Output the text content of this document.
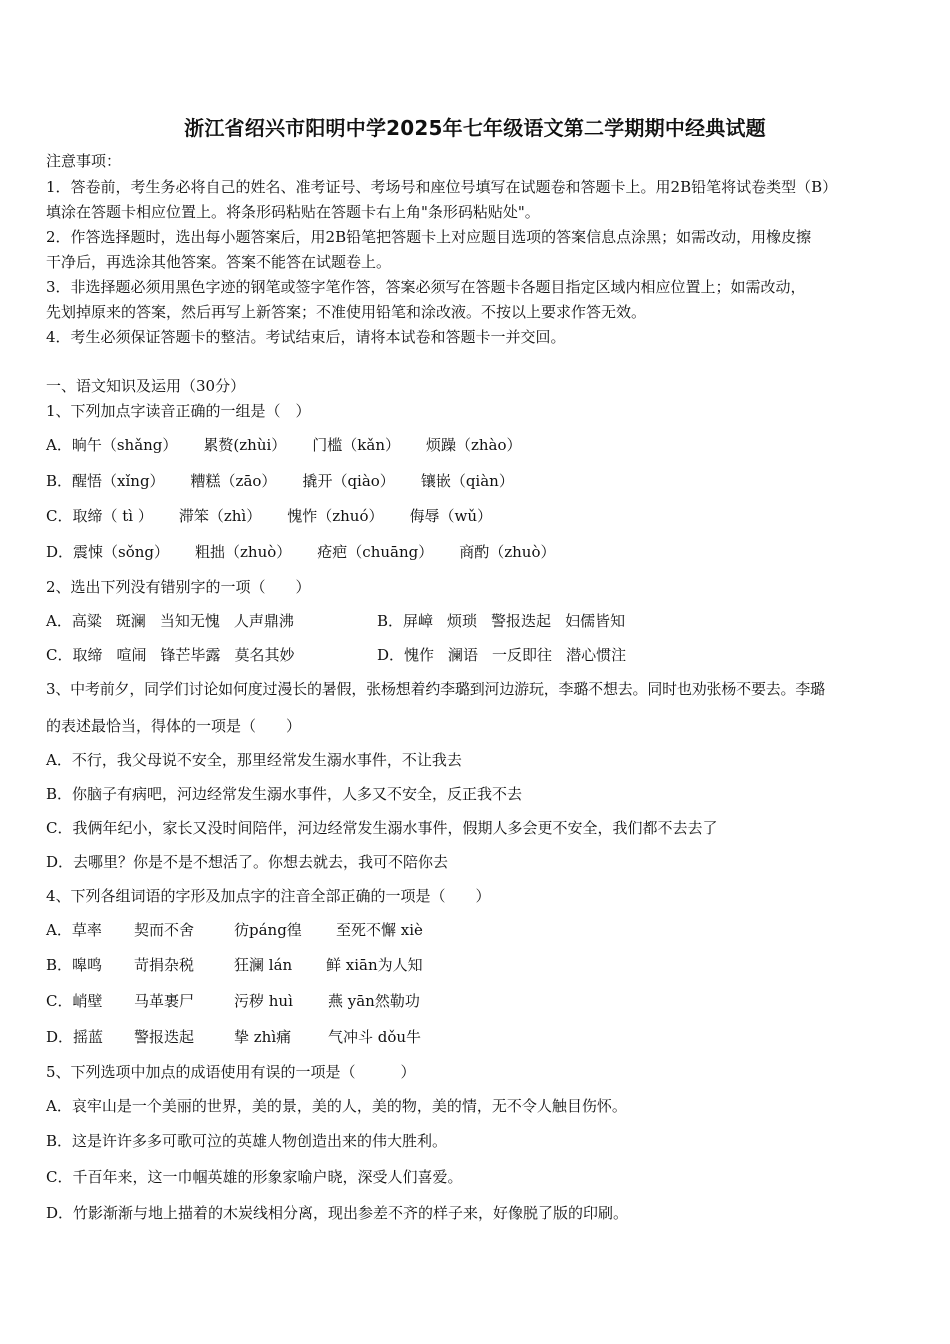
浙江省绍兴市阳明中学2025年七年级语文第二学期期中经典试题
注意事项：
1．答卷前，考生务必将自己的姓名、准考证号、考场号和座位号填写在试题卷和答题卡上。用2B铅笔将试卷类型（B）
填涂在答题卡相应位置上。将条形码粘贴在答题卡右上角"条形码粘贴处"。
2．作答选择题时，选出每小题答案后，用2B铅笔把答题卡上对应题目选项的答案信息点涂黑；如需改动，用橡皮擦
干净后，再选涂其他答案。答案不能答在试题卷上。
3．非选择题必须用黑色字迹的钢笔或签字笔作答，答案必须写在答题卡各题目指定区域内相应位置上；如需改动，
先划掉原来的答案，然后再写上新答案；不准使用铅笔和涂改液。不按以上要求作答无效。
4．考生必须保证答题卡的整洁。考试结束后，请将本试卷和答题卡一并交回。
一、语文知识及运用（30分）
1、下列加点字读音正确的一组是（　）
A．晌午（shǎng） 累赘(zhùi） 门槛（kǎn） 烦躁（zhào）
B．醒悟（xǐng） 糟糕（zāo） 撬开（qiào） 镶嵌（qiàn）
C．取缔（ tì ） 滞笨（zhì） 愧怍（zhuó） 侮辱（wǔ）
D．震悚（sǒng） 粗拙（zhuò） 疮疤（chuāng） 商酌（zhuò）
2、选出下列没有错别字的一项（　　）
A．高粱 斑澜 当知无愧 人声鼎沸	B．屏嶂 烦琐 警报迭起 妇儒皆知
C．取缔 喧闹 锋芒毕露 莫名其妙	D．愧作 澜语 一反即往 潜心惯注
3、中考前夕，同学们讨论如何度过漫长的暑假，张杨想着约李璐到河边游玩，李璐不想去。同时也劝张杨不要去。李璐
的表述最恰当，得体的一项是（　　）
A．不行，我父母说不安全，那里经常发生溺水事件，不让我去
B．你脑子有病吧，河边经常发生溺水事件，人多又不安全，反正我不去
C．我俩年纪小，家长又没时间陪伴，河边经常发生溺水事件，假期人多会更不安全，我们都不去去了
D．去哪里？你是不是不想活了。你想去就去，我可不陪你去
4、下列各组词语的字形及加点字的注音全部正确的一项是（　　）
A．草率 契而不舍	彷páng徨 至死不懈 xiè
B．嗥鸣 苛捐杂税	狂澜 lán 鲜 xiān为人知
C．峭壁 马革裹尸	污秽 huì 燕 yān然勒功
D．摇蓝 警报迭起	挚 zhì痛 气冲斗 dǒu牛
5、下列选项中加点的成语使用有误的一项是（　　　）
A．哀牢山是一个美丽的世界，美的景，美的人，美的物，美的情，无不令人触目伤怀。
B．这是许许多多可歌可泣的英雄人物创造出来的伟大胜利。
C．千百年来，这一巾帼英雄的形象家喻户晓，深受人们喜爱。
D．竹影渐渐与地上描着的木炭线相分离，现出参差不齐的样子来，好像脱了版的印刷。
